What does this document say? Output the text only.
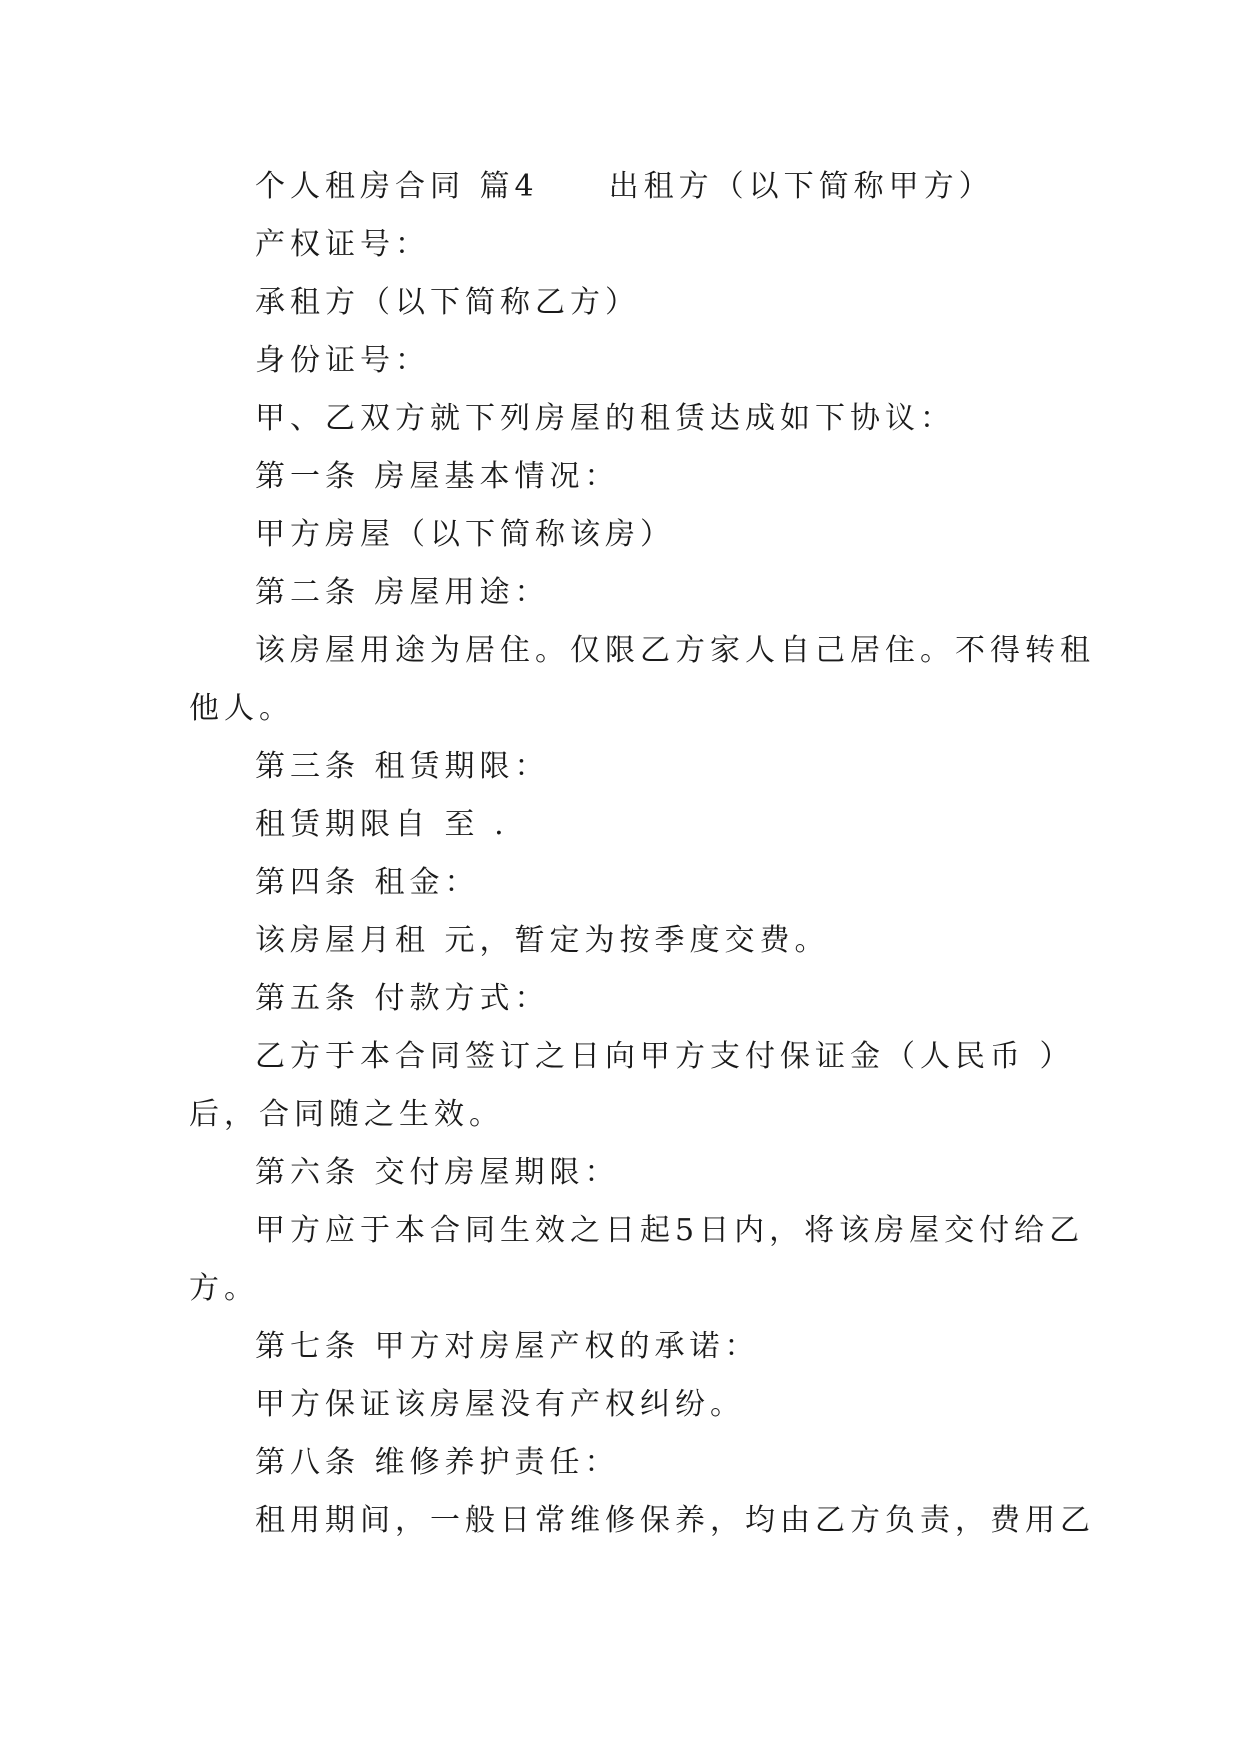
个人租房合同 篇4　　出租方（以下简称甲方）
产权证号：
承租方（以下简称乙方）
身份证号：
甲、乙双方就下列房屋的租赁达成如下协议：
第一条 房屋基本情况：
甲方房屋（以下简称该房）
第二条 房屋用途：
该房屋用途为居住。仅限乙方家人自己居住。不得转租
他人。
第三条 租赁期限：
租赁期限自 至 .
第四条 租金：
该房屋月租 元，暂定为按季度交费。
第五条 付款方式：
乙方于本合同签订之日向甲方支付保证金（人民币 ）
后，合同随之生效。
第六条 交付房屋期限：
甲方应于本合同生效之日起5日内，将该房屋交付给乙
方。
第七条 甲方对房屋产权的承诺：
甲方保证该房屋没有产权纠纷。
第八条 维修养护责任：
租用期间，一般日常维修保养，均由乙方负责，费用乙
